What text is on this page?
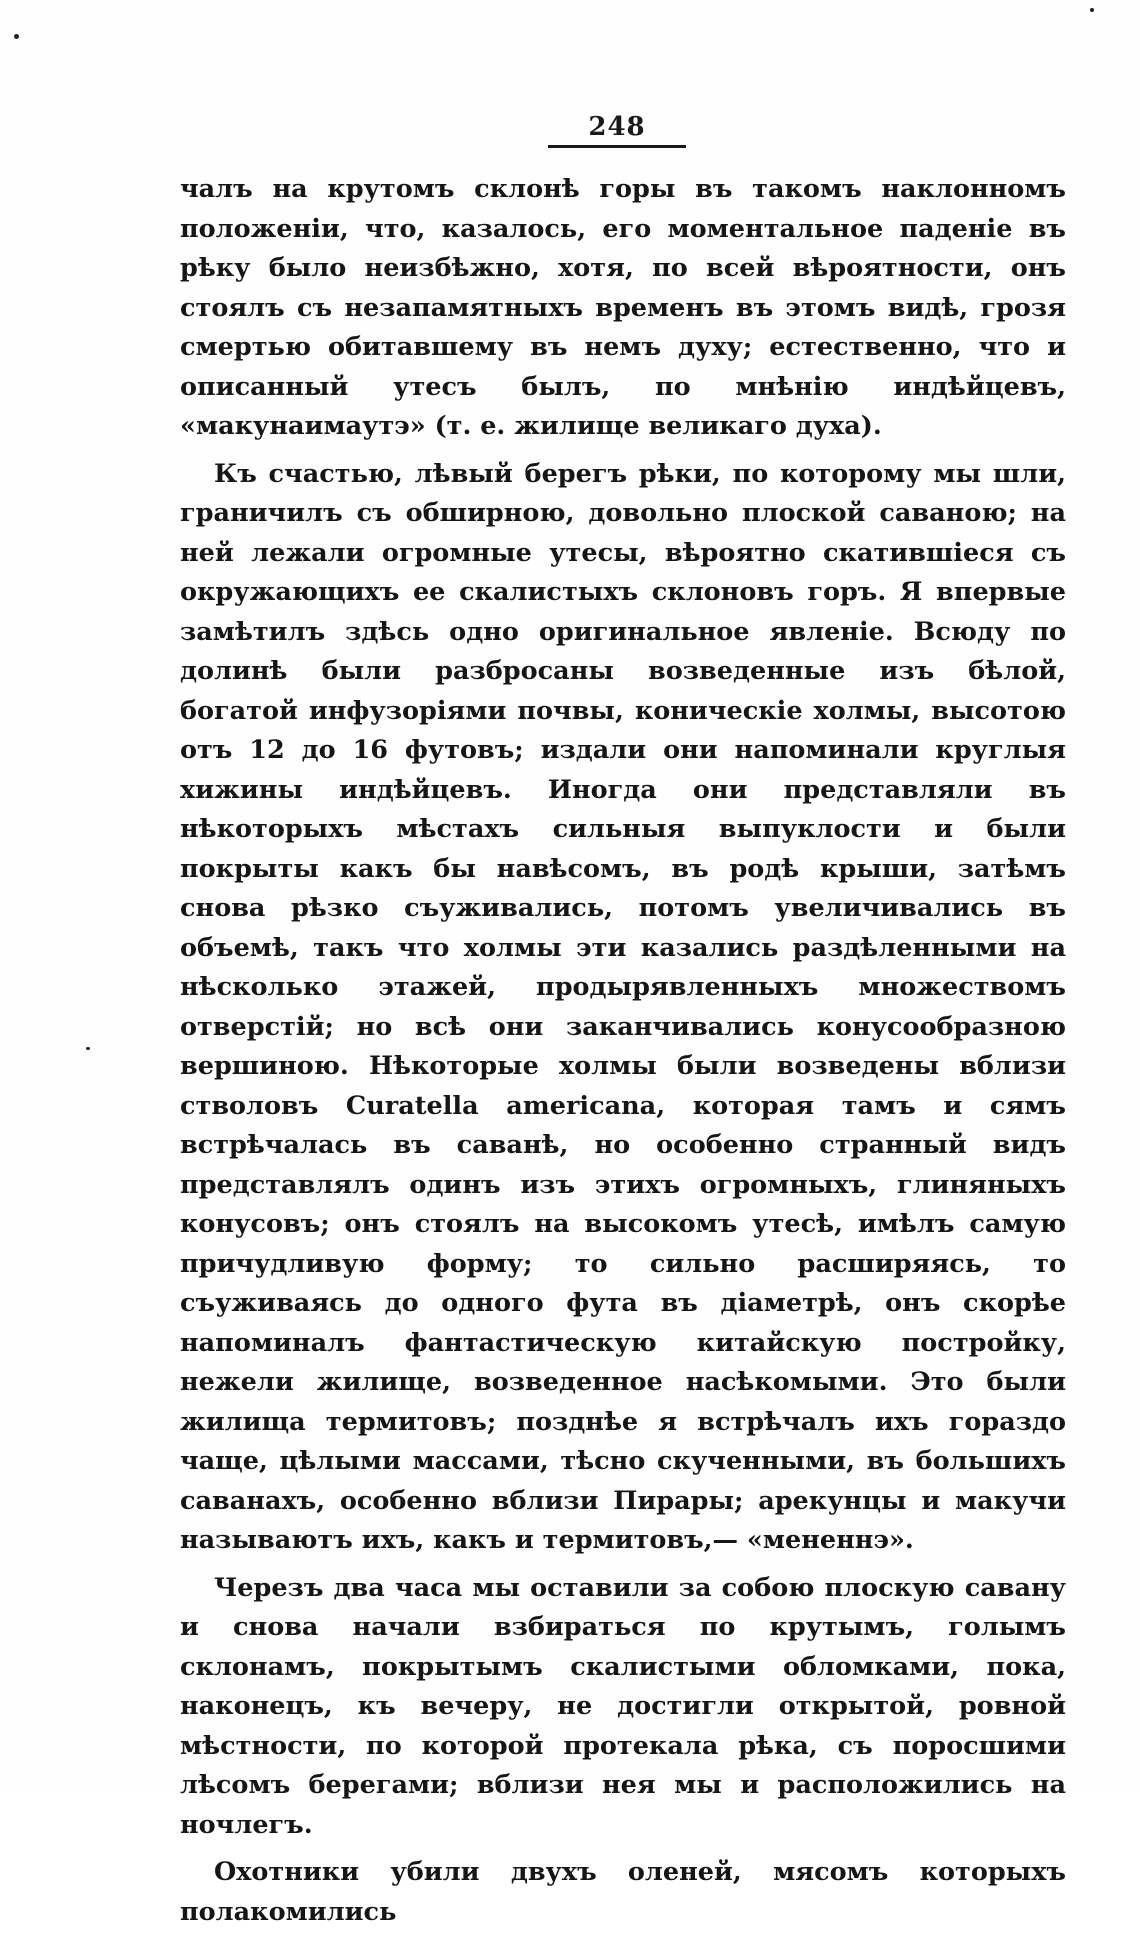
248

чалъ на крутомъ склонѣ горы въ такомъ наклонномъ положеніи, что, казалось, его моментальное паденіе въ рѣку было неизбѣжно, хотя, по всей вѣроятности, онъ стоялъ съ незапамятныхъ временъ въ этомъ видѣ, грозя смертью обитавшему въ немъ духу; естественно, что и описанный утесъ былъ, по мнѣнію индѣйцевъ, «макунаимаутэ» (т. е. жилище великаго духа).

Къ счастью, лѣвый берегъ рѣки, по которому мы шли, граничилъ съ обширною, довольно плоской саваною; на ней лежали огромные утесы, вѣроятно скатившіеся съ окружающихъ ее скалистыхъ склоновъ горъ. Я впервые замѣтилъ здѣсь одно оригинальное явленіе. Всюду по долинѣ были разбросаны возведенные изъ бѣлой, богатой инфузоріями почвы, коническіе холмы, высотою отъ 12 до 16 футовъ; издали они напоминали круглыя хижины индѣйцевъ. Иногда они представляли въ нѣкоторыхъ мѣстахъ сильныя выпуклости и были покрыты какъ бы навѣсомъ, въ родѣ крыши, затѣмъ снова рѣзко съуживались, потомъ увеличивались въ объемѣ, такъ что холмы эти казались раздѣленными на нѣсколько этажей, продырявленныхъ множествомъ отверстій; но всѣ они заканчивались конусообразною вершиною. Нѣкоторые холмы были возведены вблизи стволовъ Curatella americana, которая тамъ и сямъ встрѣчалась въ саванѣ, но особенно странный видъ представлялъ одинъ изъ этихъ огромныхъ, глиняныхъ конусовъ; онъ стоялъ на высокомъ утесѣ, имѣлъ самую причудливую форму; то сильно расширяясь, то съуживаясь до одного фута въ діаметрѣ, онъ скорѣе напоминалъ фантастическую китайскую постройку, нежели жилище, возведенное насѣкомыми. Это были жилища термитовъ; позднѣе я встрѣчалъ ихъ гораздо чаще, цѣлыми массами, тѣсно скученными, въ большихъ саванахъ, особенно вблизи Пирары; арекунцы и макучи называютъ ихъ, какъ и термитовъ,— «мененнэ».

Черезъ два часа мы оставили за собою плоскую савану и снова начали взбираться по крутымъ, голымъ склонамъ, покрытымъ скалистыми обломками, пока, наконецъ, къ вечеру, не достигли открытой, ровной мѣстности, по которой протекала рѣка, съ поросшими лѣсомъ берегами; вблизи нея мы и расположились на ночлегъ.

Охотники убили двухъ оленей, мясомъ которыхъ полакомились
